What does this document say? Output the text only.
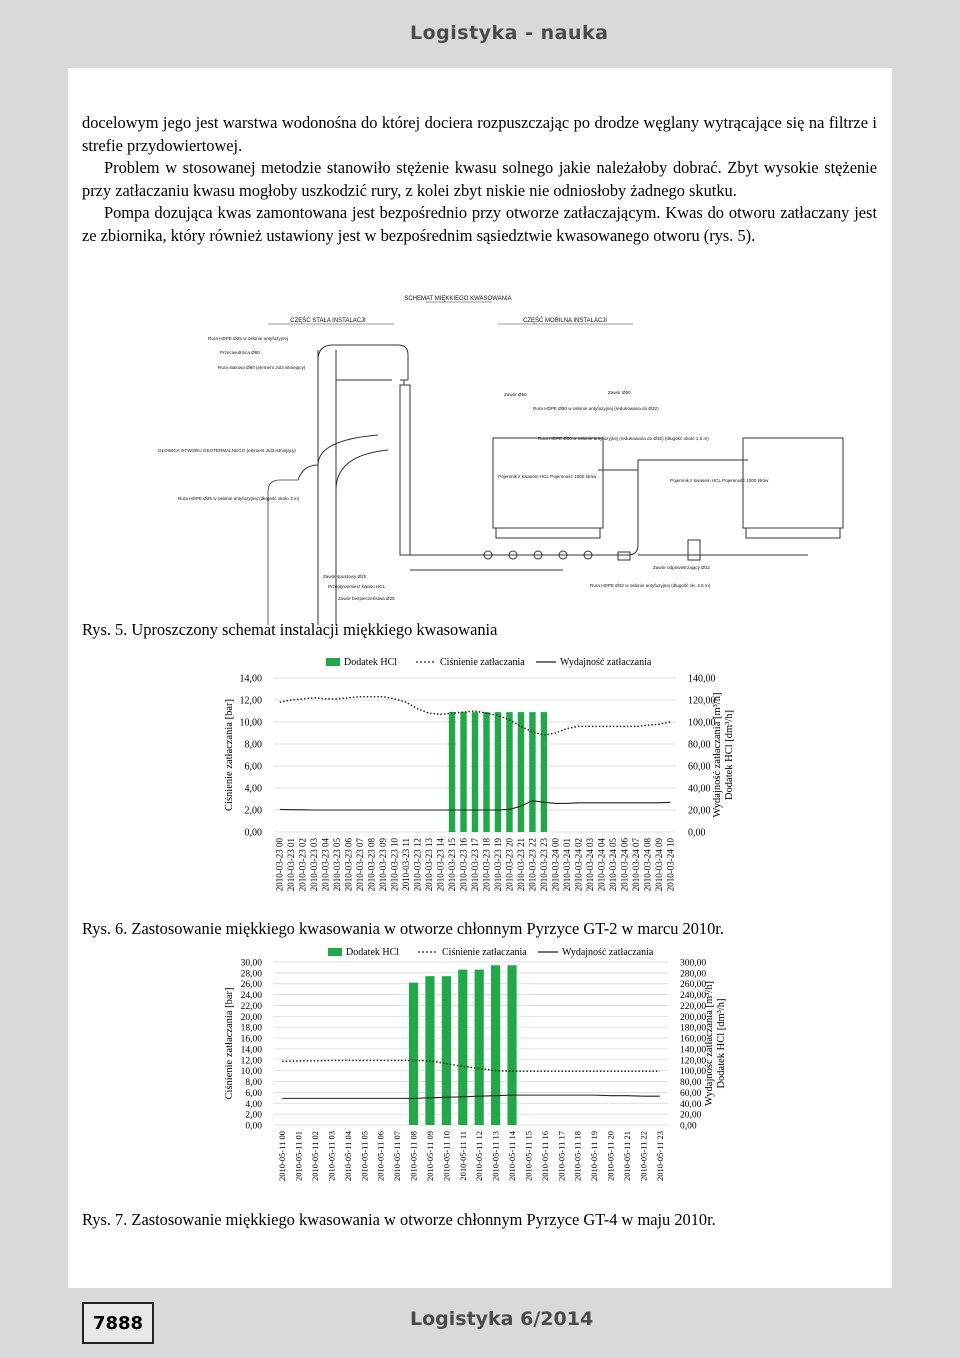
Logistyka - nauka

docelowym jego jest warstwa wodonośna do której dociera rozpuszczając po drodze węglany wytrącające się na filtrze i strefie przydowiertowej.

Problem w stosowanej metodzie stanowiło stężenie kwasu solnego jakie należałoby dobrać. Zbyt wysokie stężenie przy zatłaczaniu kwasu mogłoby uszkodzić rury, z kolei zbyt niskie nie odniosłoby żadnego skutku.

Pompa dozująca kwas zamontowana jest bezpośrednio przy otworze zatłaczającym. Kwas do otworu zatłaczany jest ze zbiornika, który również ustawiony jest w bezpośrednim sąsiedztwie kwasowanego otworu (rys. 5).

SCHEMAT MIĘKKIEGO KWASOWANIA
CZĘŚĆ STAŁA INSTALACJI	CZĘŚĆ MOBILNA INSTALACJI
Rura HDPE Ø25 w osłonie antyfuzyjnej
Przeciwutrnica Ø80
Rura stalowa Ø80 (element Jul3 istniejący)
GŁOWICA OTWORU GEOTERMALNEGO (element Jul3 istniejący)
Rura HDPE Ø25 w osłonie antyfuzyjnej (długość około 3 m)
Zawór Ø50	Zawór Ø50
Rura HDPE Ø50 w osłonie antyfuzyjnej (redukowana do Ø32)
Pojemnik z kwasem HCL Pojemność 1000 litrów
Rura HDPE Ø50 w osłonie antyfuzyjnej (redukowana do Ø32) (długość około 1,5 m)
Pojemnik z kwasem HCL Pojemność 1000 litrów
Zawór odpowietrzający Ø32
Zawór spustowy Ø25
Przepływomierz kwasu HCL
Zawór bezpieczeństwa Ø25
Rura HDPE Ø32 w osłonie antyfuzyjnej (długość ok. 4,5 m)
Rys. 5. Uproszczony schemat instalacji miękkiego kwasowania
Dodatek HCl	Ciśnienie zatłaczania	Wydajność zatłaczania
0,00
2,00
4,00
6,00
8,00
10,00
12,00
14,00
0,00
20,00
40,00
60,00
80,00
100,00
120,00
140,00
Ciśnienie zatłaczania [bar]	Wydajność zatłaczania [m³/h] Dodatek HCl [dm³/h]
2010-03-23 00 2010-03-23 01 2010-03-23 02 2010-03-23 03 2010-03-23 04 2010-03-23 05 2010-03-23 06 2010-03-23 07 2010-03-23 08 2010-03-23 09 2010-03-23 10 2010-03-23 11 2010-03-23 12 2010-03-23 13 2010-03-23 14 2010-03-23 15 2010-03-23 16 2010-03-23 17 2010-03-23 18 2010-03-23 19 2010-03-23 20 2010-03-23 21 2010-03-23 22 2010-03-23 23 2010-03-24 00 2010-03-24 01 2010-03-24 02 2010-03-24 03 2010-03-24 04 2010-03-24 05 2010-03-24 06 2010-03-24 07 2010-03-24 08 2010-03-24 09 2010-03-24 10
Rys. 6. Zastosowanie miękkiego kwasowania w otworze chłonnym Pyrzyce GT-2 w marcu 2010r.
Dodatek HCl	Ciśnienie zatłaczania	Wydajność zatłaczania
0,00
2,00
4,00
6,00
8,00
10,00
12,00
14,00
16,00
18,00
20,00
22,00
24,00
26,00
28,00
30,00
0,00
20,00
40,00
60,00
80,00
100,00
120,00
140,00
160,00
180,00
200,00
220,00
240,00
260,00
280,00
300,00
Ciśnienie zatłaczania [bar]	Wydajność zatłaczania [m³/h] Dodatek HCl [dm³/h]
2010-05-11 00 2010-05-11 01 2010-05-11 02 2010-05-11 03 2010-05-11 04 2010-05-11 05 2010-05-11 06 2010-05-11 07 2010-05-11 08 2010-05-11 09 2010-05-11 10 2010-05-11 11 2010-05-11 12 2010-05-11 13 2010-05-11 14 2010-05-11 15 2010-05-11 16 2010-05-11 17 2010-05-11 18 2010-05-11 19 2010-05-11 20 2010-05-11 21 2010-05-11 22 2010-05-11 23
Rys. 7. Zastosowanie miękkiego kwasowania w otworze chłonnym Pyrzyce GT-4 w maju 2010r.
7888	Logistyka 6/2014
